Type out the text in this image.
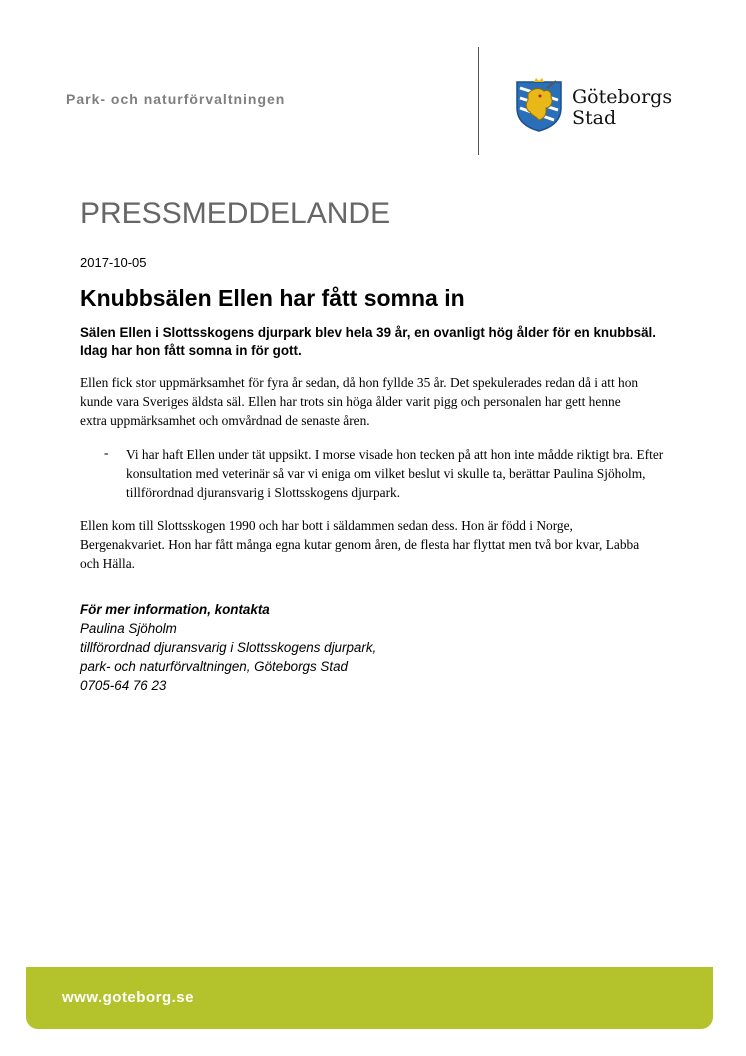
Park- och naturförvaltningen	Göteborgs
Stad
PRESSMEDDELANDE
2017-10-05
Knubbsälen Ellen har fått somna in
Sälen Ellen i Slottsskogens djurpark blev hela 39 år, en ovanligt hög ålder för en knubbsäl. Idag har hon fått somna in för gott.
Ellen fick stor uppmärksamhet för fyra år sedan, då hon fyllde 35 år. Det spekulerades redan då i att hon kunde vara Sveriges äldsta säl. Ellen har trots sin höga ålder varit pigg och personalen har gett henne extra uppmärksamhet och omvårdnad de senaste åren.
- Vi har haft Ellen under tät uppsikt. I morse visade hon tecken på att hon inte mådde riktigt bra. Efter konsultation med veterinär så var vi eniga om vilket beslut vi skulle ta, berättar Paulina Sjöholm, tillförordnad djuransvarig i Slottsskogens djurpark.
Ellen kom till Slottsskogen 1990 och har bott i säldammen sedan dess. Hon är född i Norge, Bergenakvariet. Hon har fått många egna kutar genom åren, de flesta har flyttat men två bor kvar, Labba och Hälla.
För mer information, kontakta
Paulina Sjöholm
tillförordnad djuransvarig i Slottsskogens djurpark,
park- och naturförvaltningen, Göteborgs Stad
0705-64 76 23
www.goteborg.se
